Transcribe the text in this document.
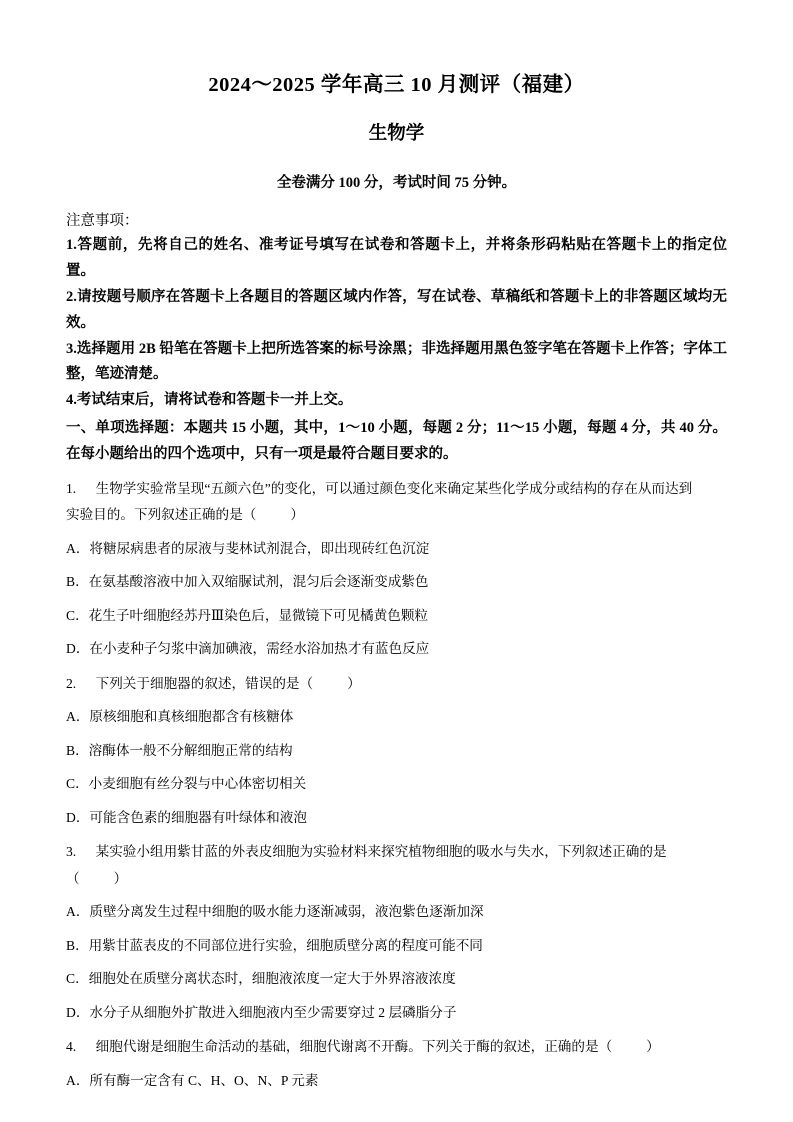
2024～2025 学年高三 10 月测评（福建）
生物学
全卷满分 100 分，考试时间 75 分钟。
注意事项：

1.答题前，先将自己的姓名、准考证号填写在试卷和答题卡上，并将条形码粘贴在答题卡上的指定位置。

2.请按题号顺序在答题卡上各题目的答题区域内作答，写在试卷、草稿纸和答题卡上的非答题区域均无效。

3.选择题用 2B 铅笔在答题卡上把所选答案的标号涂黑；非选择题用黑色签字笔在答题卡上作答；字体工整，笔迹清楚。

4.考试结束后，请将试卷和答题卡一并上交。

一、单项选择题：本题共 15 小题，其中，1～10 小题，每题 2 分；11～15 小题，每题 4 分，共 40 分。在每小题给出的四个选项中，只有一项是最符合题目要求的。

1. 生物学实验常呈现“五颜六色”的变化，可以通过颜色变化来确定某些化学成分或结构的存在从而达到

实验目的。下列叙述正确的是（	）

A．将糖尿病患者的尿液与斐林试剂混合，即出现砖红色沉淀

B．在氨基酸溶液中加入双缩脲试剂，混匀后会逐渐变成紫色

C．花生子叶细胞经苏丹Ⅲ染色后，显微镜下可见橘黄色颗粒

D．在小麦种子匀浆中滴加碘液，需经水浴加热才有蓝色反应

2. 下列关于细胞器的叙述，错误的是（	）

A．原核细胞和真核细胞都含有核糖体

B．溶酶体一般不分解细胞正常的结构

C．小麦细胞有丝分裂与中心体密切相关

D．可能含色素的细胞器有叶绿体和液泡

3. 某实验小组用紫甘蓝的外表皮细胞为实验材料来探究植物细胞的吸水与失水，下列叙述正确的是

（	）

A．质壁分离发生过程中细胞的吸水能力逐渐减弱，液泡紫色逐渐加深

B．用紫甘蓝表皮的不同部位进行实验，细胞质壁分离的程度可能不同

C．细胞处在质壁分离状态时，细胞液浓度一定大于外界溶液浓度

D．水分子从细胞外扩散进入细胞液内至少需要穿过 2 层磷脂分子

4. 细胞代谢是细胞生命活动的基础，细胞代谢离不开酶。下列关于酶的叙述，正确的是（	）

A．所有酶一定含有 C、H、O、N、P 元素
